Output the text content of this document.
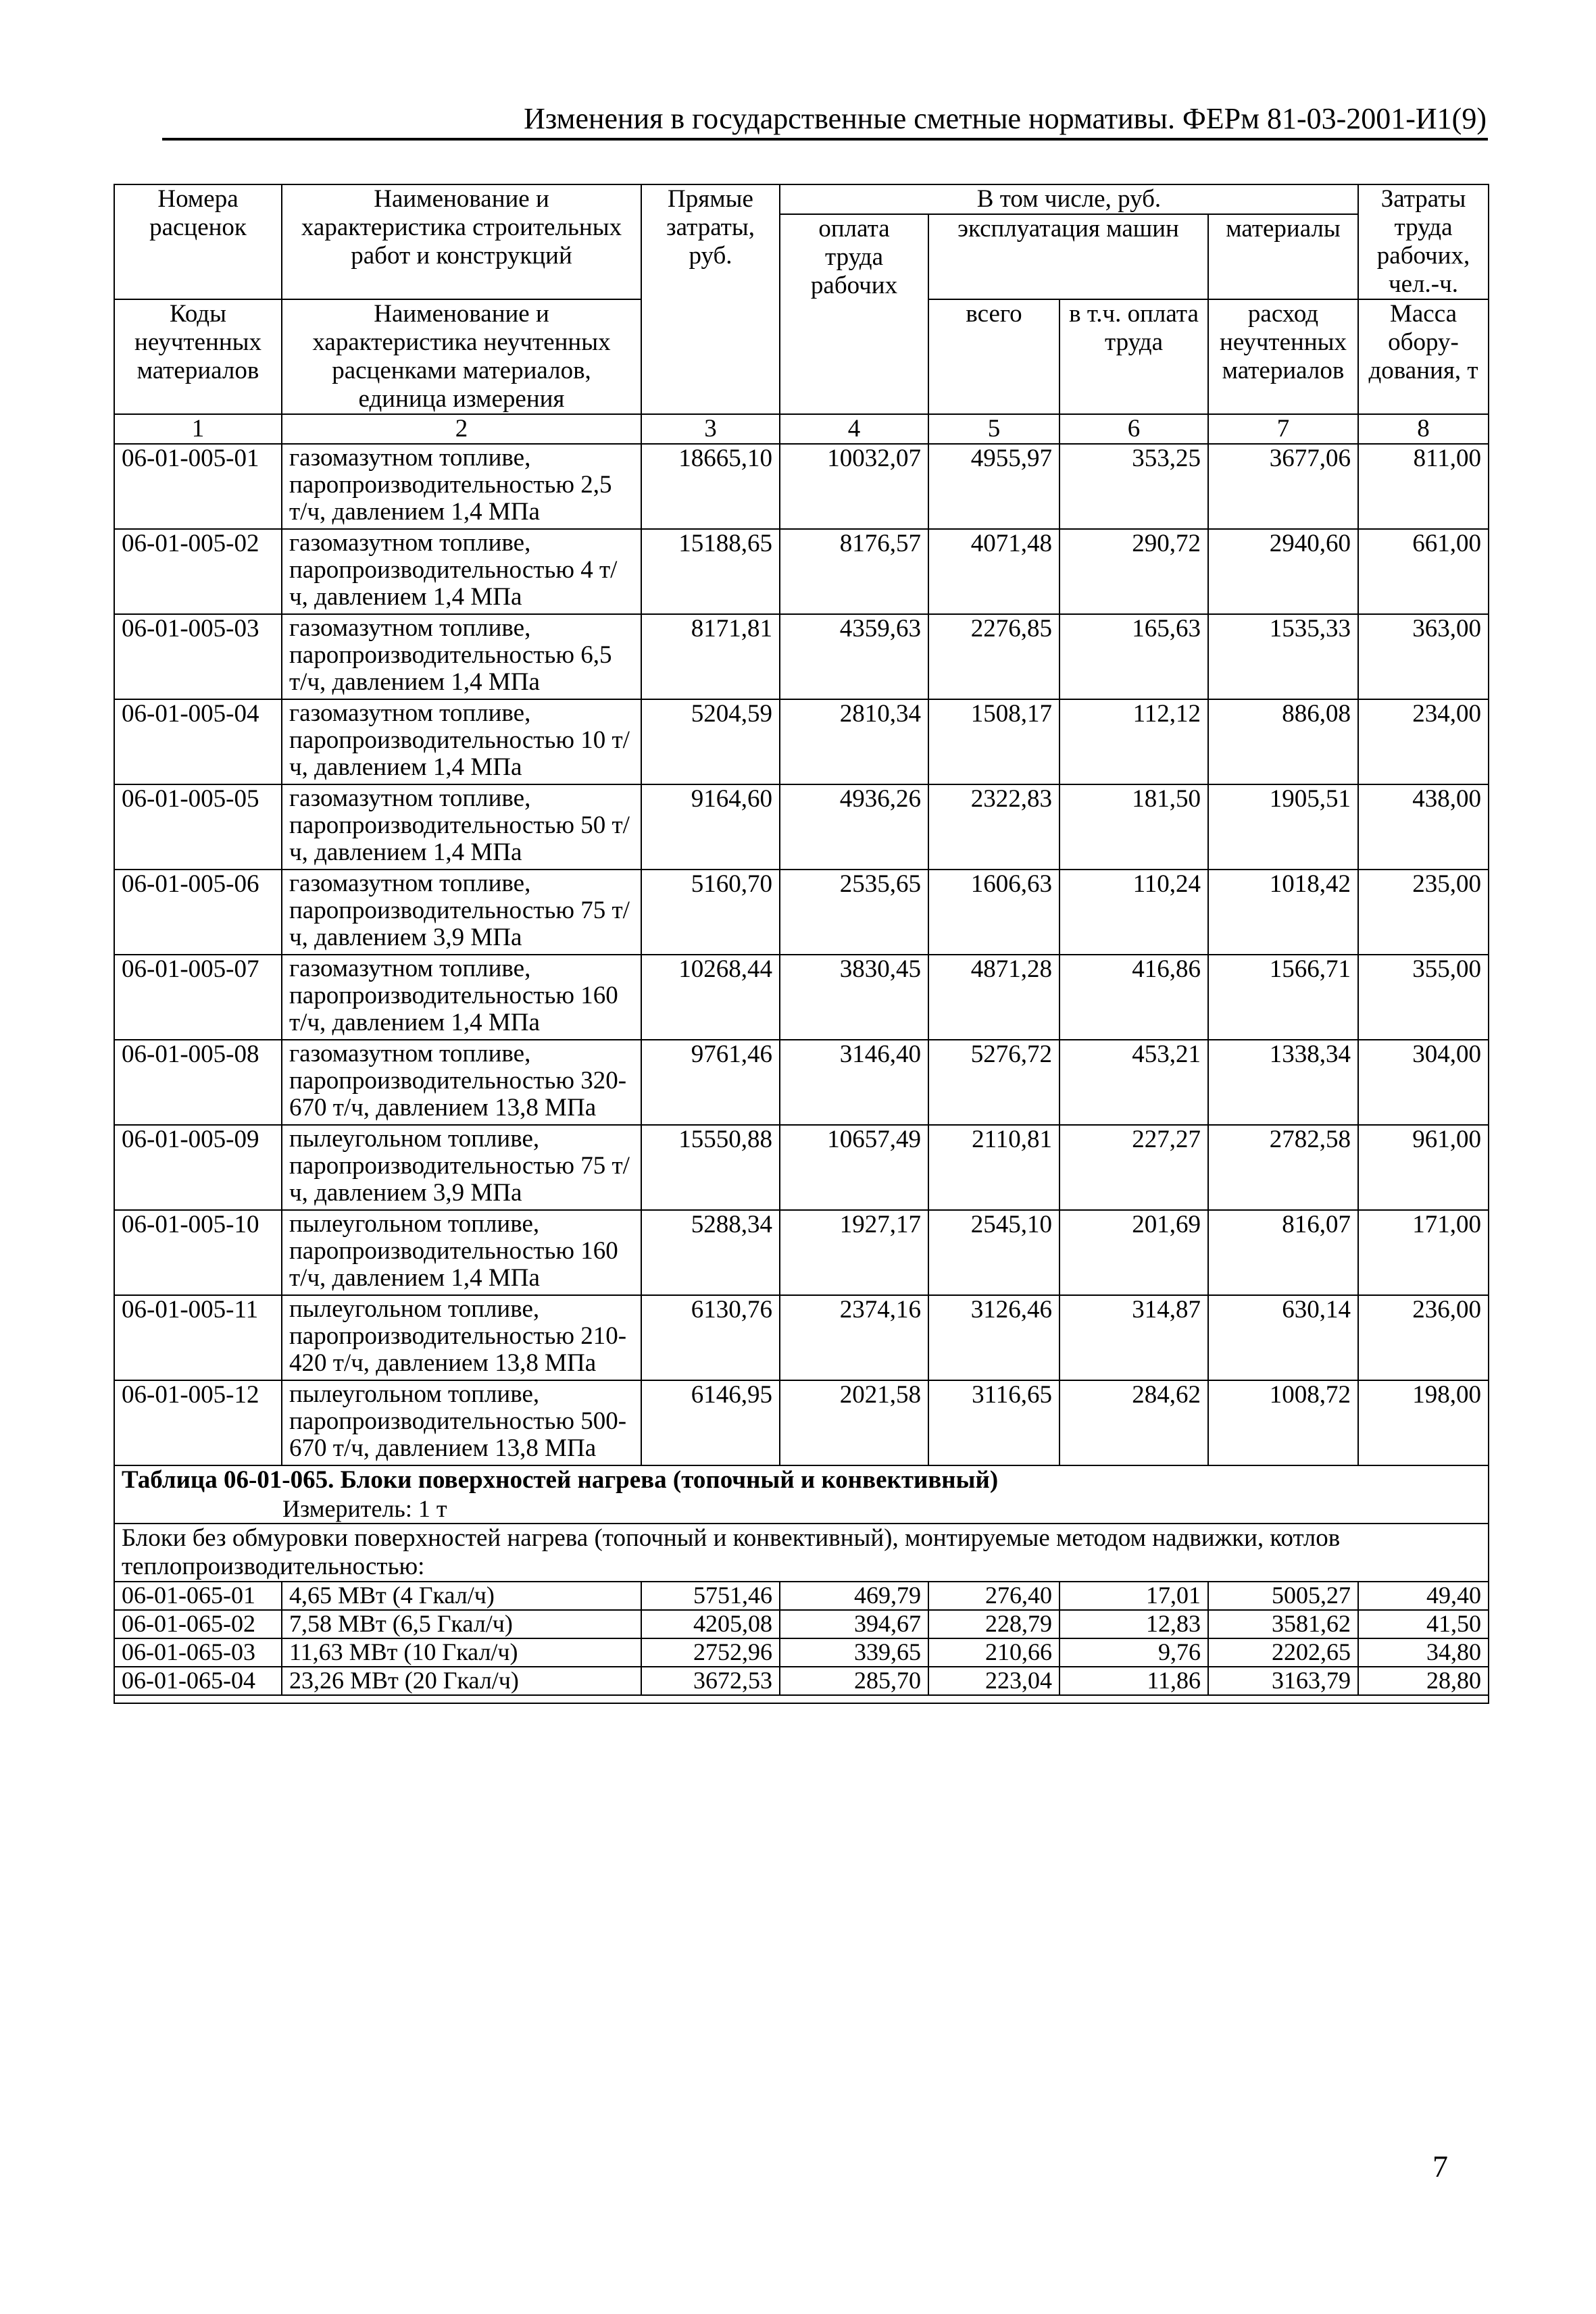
Изменения в государственные сметные нормативы. ФЕРм 81-03-2001-И1(9)
Номера расценок	Наименование и характеристика строительных работ и конструкций	Прямые затраты, руб.	В том числе, руб.				Затраты труда рабочих, чел.-ч.
			оплата труда рабочих	эксплуатация машин		материалы	

Коды неучтенных материалов	Наименование и характеристика неучтенных расценками материалов, единица измерения			всего	в т.ч. оплата труда	расход неучтенных материалов	Масса обору-дования, т

1	2	3	4	5	6	7	8
06-01-005-01	газомазутном топливе, паропроизводительностью 2,5 т/ч, давлением 1,4 МПа	18665,10	10032,07	4955,97	353,25	3677,06	811,00
06-01-005-02	газомазутном топливе, паропроизводительностью 4 т/ч, давлением 1,4 МПа	15188,65	8176,57	4071,48	290,72	2940,60	661,00
06-01-005-03	газомазутном топливе, паропроизводительностью 6,5 т/ч, давлением 1,4 МПа	8171,81	4359,63	2276,85	165,63	1535,33	363,00
06-01-005-04	газомазутном топливе, паропроизводительностью 10 т/ч, давлением 1,4 МПа	5204,59	2810,34	1508,17	112,12	886,08	234,00
06-01-005-05	газомазутном топливе, паропроизводительностью 50 т/ч, давлением 1,4 МПа	9164,60	4936,26	2322,83	181,50	1905,51	438,00
06-01-005-06	газомазутном топливе, паропроизводительностью 75 т/ч, давлением 3,9 МПа	5160,70	2535,65	1606,63	110,24	1018,42	235,00
06-01-005-07	газомазутном топливе, паропроизводительностью 160 т/ч, давлением 1,4 МПа	10268,44	3830,45	4871,28	416,86	1566,71	355,00
06-01-005-08	газомазутном топливе, паропроизводительностью 320-670 т/ч, давлением 13,8 МПа	9761,46	3146,40	5276,72	453,21	1338,34	304,00
06-01-005-09	пылеугольном топливе, паропроизводительностью 75 т/ч, давлением 3,9 МПа	15550,88	10657,49	2110,81	227,27	2782,58	961,00
06-01-005-10	пылеугольном топливе, паропроизводительностью 160 т/ч, давлением 1,4 МПа	5288,34	1927,17	2545,10	201,69	816,07	171,00
06-01-005-11	пылеугольном топливе, паропроизводительностью 210-420 т/ч, давлением 13,8 МПа	6130,76	2374,16	3126,46	314,87	630,14	236,00
06-01-005-12	пылеугольном топливе, паропроизводительностью 500-670 т/ч, давлением 13,8 МПа	6146,95	2021,58	3116,65	284,62	1008,72	198,00
Таблица 06-01-065. Блоки поверхностей нагрева (топочный и конвективный)
Измеритель: 1 т							

Блоки без обмуровки поверхностей нагрева (топочный и конвективный), монтируемые методом надвижки, котлов теплопроизводительностью:							
06-01-065-01	4,65 МВт (4 Гкал/ч)	5751,46	469,79	276,40	17,01	5005,27	49,40
06-01-065-02	7,58 МВт (6,5 Гкал/ч)	4205,08	394,67	228,79	12,83	3581,62	41,50
06-01-065-03	11,63 МВт (10 Гкал/ч)	2752,96	339,65	210,66	9,76	2202,65	34,80
06-01-065-04	23,26 МВт (20 Гкал/ч)	3672,53	285,70	223,04	11,86	3163,79	28,80

7
